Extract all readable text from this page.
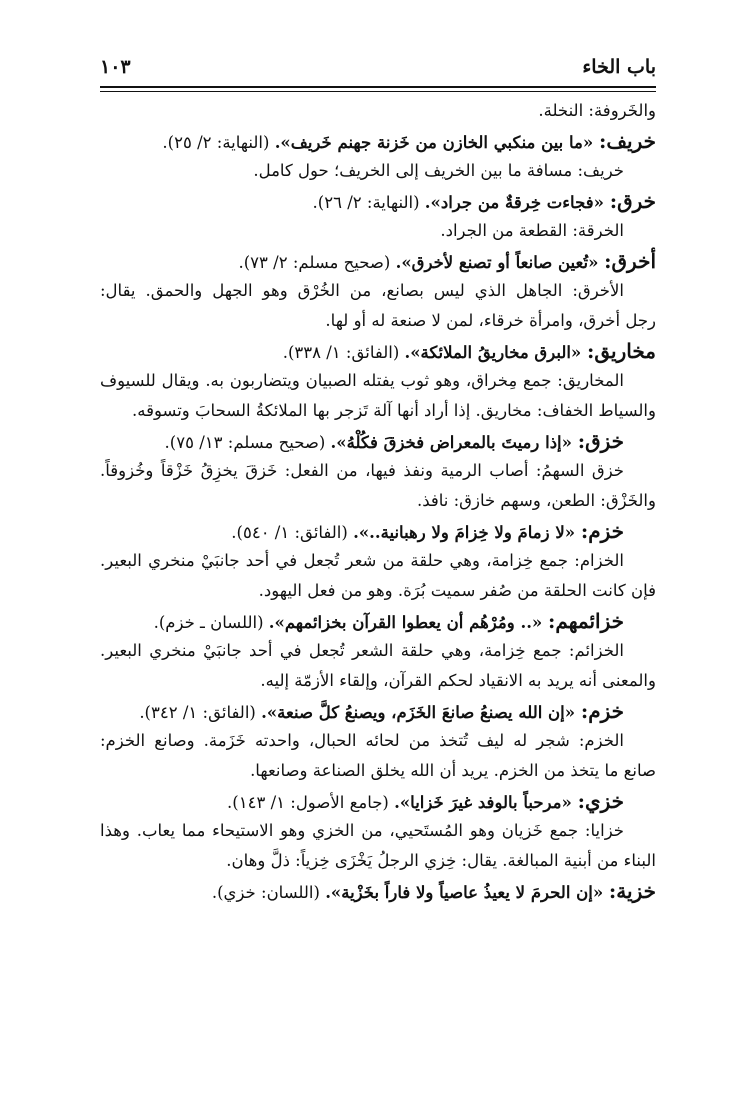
باب الخاء
١٠٣
والخَروفة: النخلة.
خريف: «ما بين منكبي الخازن من خَزنة جهنم خَريف». (النهاية: ٢/ ٢٥).
خريف: مسافة ما بين الخريف إلى الخريف؛ حول كامل.
خرق: «فجاءت خِرقةٌ من جراد». (النهاية: ٢/ ٢٦).
الخرقة: القطعة من الجراد.
أخرق: «تُعين صانعاً أو تصنع لأخرق». (صحيح مسلم: ٢/ ٧٣).
الأخرق: الجاهل الذي ليس بصانع، من الخُرْق وهو الجهل والحمق. يقال:
رجل أخرق، وامرأة خرقاء، لمن لا صنعة له أو لها.
مخاريق: «البرق مخاريقُ الملائكة». (الفائق: ١/ ٣٣٨).
المخاريق: جمع مِخراق، وهو ثوب يفتله الصبيان ويتضاربون به. ويقال للسيوف
والسياط الخفاف: مخاريق. إذا أراد أنها آلة تَزجر بها الملائكةُ السحابَ وتسوقه.
خزق: «إذا رميتَ بالمعراض فخزقَ فكُلْهُ». (صحيح مسلم: ١٣/ ٧٥).
خزق السهمُ: أصاب الرمية ونفذ فيها، من الفعل: خَزقَ يخزِقُ خَزْقاً وخُزوقاً.
والخَزْق: الطعن، وسهم خازق: نافذ.
خزم: «لا زمامَ ولا خِزامَ ولا رهبانية..». (الفائق: ١/ ٥٤٠).
الخزام: جمع خِزامة، وهي حلقة من شعر تُجعل في أحد جانبَيْ منخري البعير.
فإن كانت الحلقة من صُفر سميت بُرَة. وهو من فعل اليهود.
خزائمهم: «.. ومُرْهُم أن يعطوا القرآن بخزائمهم». (اللسان ـ خزم).
الخزائم: جمع خِزامة، وهي حلقة الشعر تُجعل في أحد جانبَيْ منخري البعير.
والمعنى أنه يريد به الانقياد لحكم القرآن، وإلقاء الأزمّة إليه.
خزم: «إن الله يصنعُ صانعَ الخَزَم، ويصنعُ كلَّ صنعة». (الفائق: ١/ ٣٤٢).
الخزم: شجر له ليف تُتخذ من لحائه الحبال، واحدته خَزَمة. وصانع الخزم:
صانع ما يتخذ من الخزم. يريد أن الله يخلق الصناعة وصانعها.
خزي: «مرحباً بالوفد غيرَ خَزايا». (جامع الأصول: ١/ ١٤٣).
خزايا: جمع خَزيان وهو المُستَحيي، من الخزي وهو الاستيحاء مما يعاب. وهذا
البناء من أبنية المبالغة. يقال: خِزي الرجلُ يَخْزَى خِزياً: ذلَّ وهان.
خزية: «إن الحرمَ لا يعيذُ عاصياً ولا فاراً بخَزْية». (اللسان: خزي).
